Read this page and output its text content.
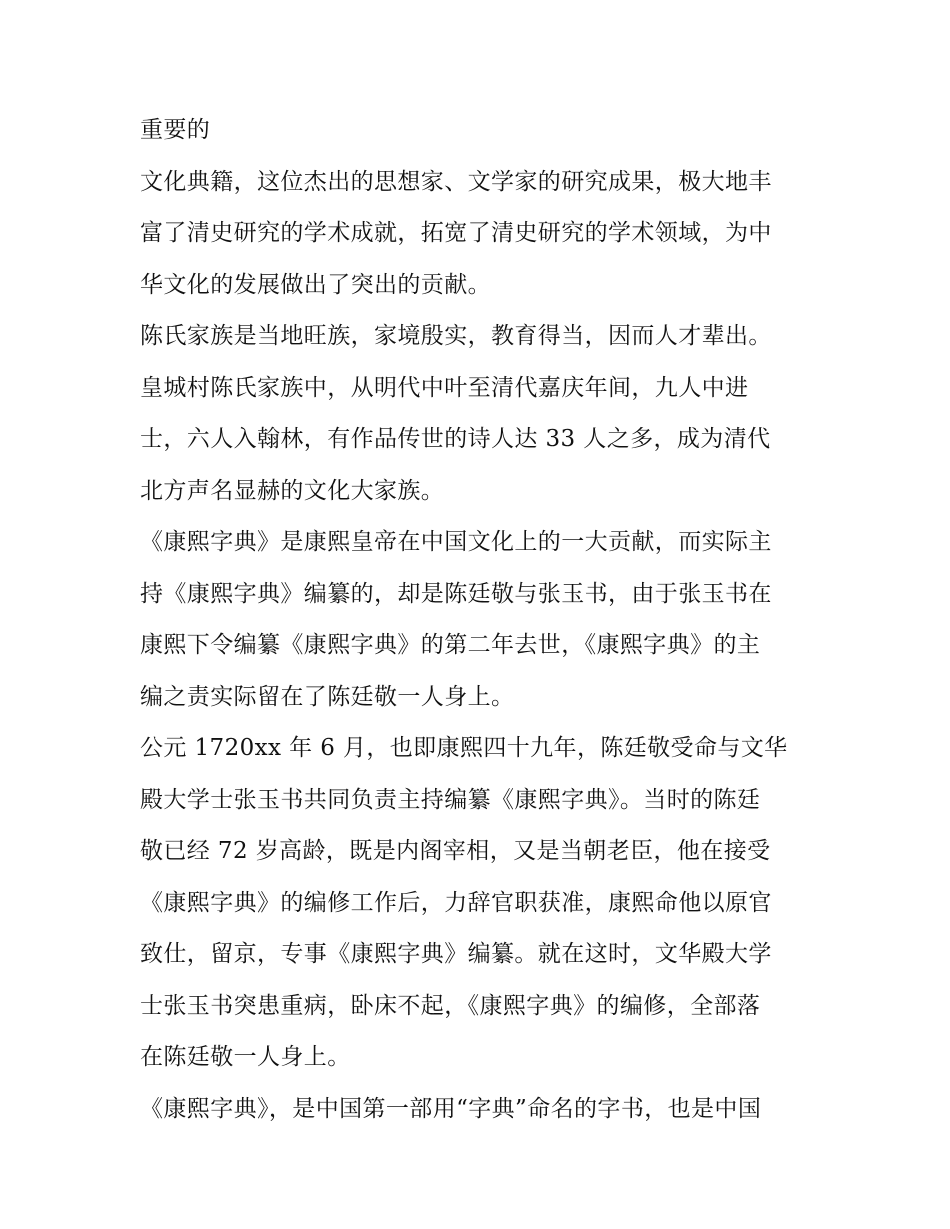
重要的
文化典籍，这位杰出的思想家、文学家的研究成果，极大地丰
富了清史研究的学术成就，拓宽了清史研究的学术领域，为中
华文化的发展做出了突出的贡献。
陈氏家族是当地旺族，家境殷实，教育得当，因而人才辈出。
皇城村陈氏家族中，从明代中叶至清代嘉庆年间，九人中进
士，六人入翰林，有作品传世的诗人达 33 人之多，成为清代
北方声名显赫的文化大家族。
《康熙字典》是康熙皇帝在中国文化上的一大贡献，而实际主
持《康熙字典》编纂的，却是陈廷敬与张玉书，由于张玉书在
康熙下令编纂《康熙字典》的第二年去世，《康熙字典》的主
编之责实际留在了陈廷敬一人身上。
公元 1720xx 年 6 月，也即康熙四十九年，陈廷敬受命与文华
殿大学士张玉书共同负责主持编纂《康熙字典》。当时的陈廷
敬已经 72 岁高龄，既是内阁宰相，又是当朝老臣，他在接受
《康熙字典》的编修工作后，力辞官职获准，康熙命他以原官
致仕，留京，专事《康熙字典》编纂。就在这时，文华殿大学
士张玉书突患重病，卧床不起，《康熙字典》的编修，全部落
在陈廷敬一人身上。
《康熙字典》，是中国第一部用“字典”命名的字书，也是中国
